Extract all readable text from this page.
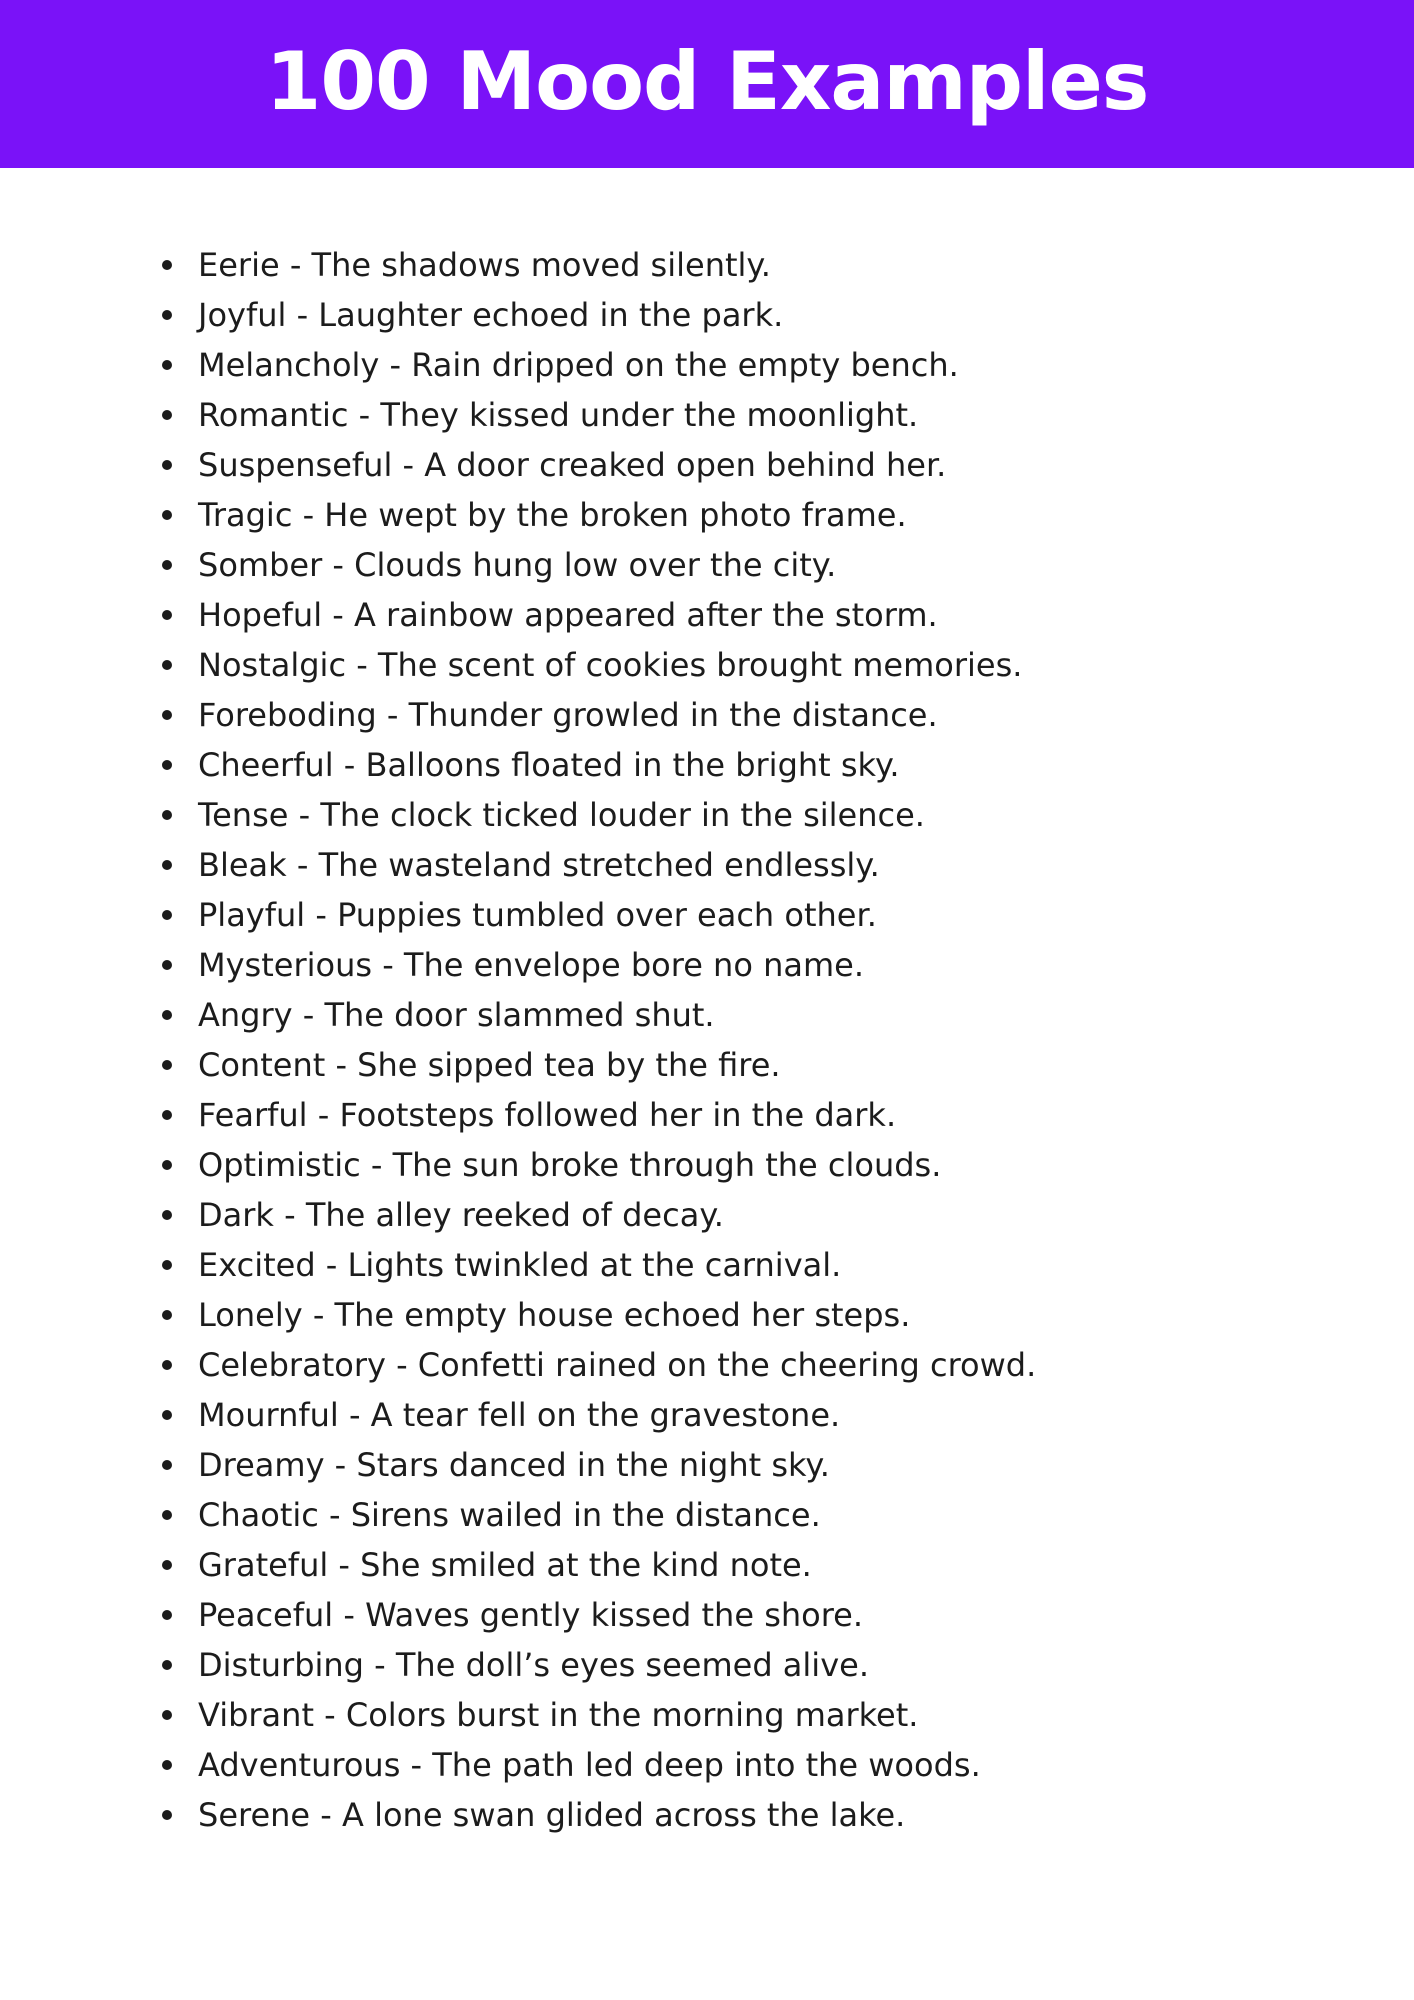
100 Mood Examples
Eerie - The shadows moved silently.
Joyful - Laughter echoed in the park.
Melancholy - Rain dripped on the empty bench.
Romantic - They kissed under the moonlight.
Suspenseful - A door creaked open behind her.
Tragic - He wept by the broken photo frame.
Somber - Clouds hung low over the city.
Hopeful - A rainbow appeared after the storm.
Nostalgic - The scent of cookies brought memories.
Foreboding - Thunder growled in the distance.
Cheerful - Balloons floated in the bright sky.
Tense - The clock ticked louder in the silence.
Bleak - The wasteland stretched endlessly.
Playful - Puppies tumbled over each other.
Mysterious - The envelope bore no name.
Angry - The door slammed shut.
Content - She sipped tea by the fire.
Fearful - Footsteps followed her in the dark.
Optimistic - The sun broke through the clouds.
Dark - The alley reeked of decay.
Excited - Lights twinkled at the carnival.
Lonely - The empty house echoed her steps.
Celebratory - Confetti rained on the cheering crowd.
Mournful - A tear fell on the gravestone.
Dreamy - Stars danced in the night sky.
Chaotic - Sirens wailed in the distance.
Grateful - She smiled at the kind note.
Peaceful - Waves gently kissed the shore.
Disturbing - The doll’s eyes seemed alive.
Vibrant - Colors burst in the morning market.
Adventurous - The path led deep into the woods.
Serene - A lone swan glided across the lake.
